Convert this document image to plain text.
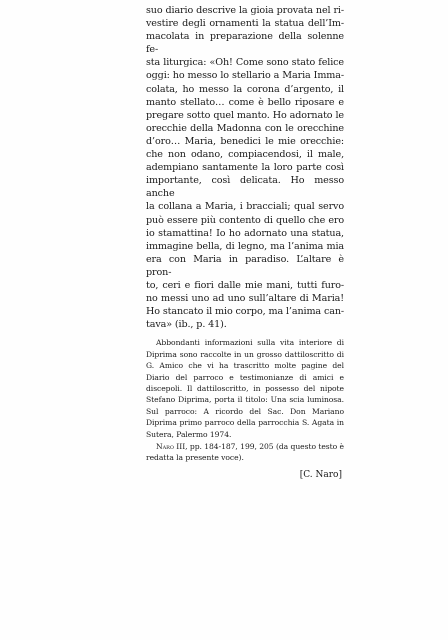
suo diario descrive la gioia provata nel ri-

vestire degli ornamenti la statua dell’Im-

macolata in preparazione della solenne fe-

sta liturgica: «Oh! Come sono stato felice

oggi: ho messo lo stellario a Maria Imma-

colata, ho messo la corona d’argento, il

manto stellato… come è bello riposare e

pregare sotto quel manto. Ho adornato le

orecchie della Madonna con le orecchine

d’oro… Maria, benedici le mie orecchie:

che non odano, compiacendosi, il male,

adempiano santamente la loro parte così

importante, così delicata. Ho messo anche

la collana a Maria, i bracciali; qual servo

può essere più contento di quello che ero

io stamattina! Io ho adornato una statua,

immagine bella, di legno, ma l’anima mia

era con Maria in paradiso. L’altare è pron-

to, ceri e fiori dalle mie mani, tutti furo-

no messi uno ad uno sull’altare di Maria!

Ho stancato il mio corpo, ma l’anima can-

tava» (ib., p. 41).

Abbondanti informazioni sulla vita interiore di Diprima sono raccolte in un grosso dattiloscritto di G. Amico che vi ha trascritto molte pagine del Diario del parroco e testimonianze di amici e discepoli. Il dattiloscritto, in possesso del nipote Stefano Diprima, porta il titolo: Una scia luminosa. Sul parroco: A ricordo del Sac. Don Mariano Diprima primo parroco della parrocchia S. Agata in Sutera, Palermo 1974.

Naro III, pp. 184-187, 199, 205 (da questo testo è redatta la presente voce).

[C. Naro]
